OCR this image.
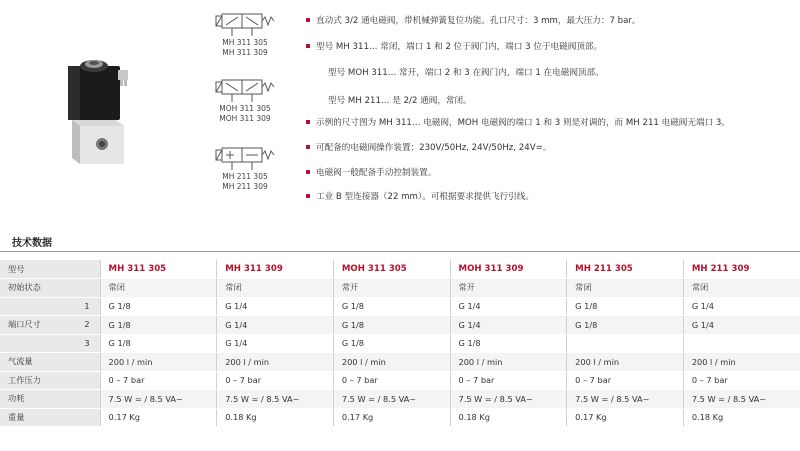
MH 311 305
MH 311 309
MOH 311 305
MOH 311 309
MH 211 305
MH 211 309
直动式 3/2 通电磁阀，带机械弹簧复位功能。孔口尺寸：3 mm，最大压力：7 bar。
型号 MH 311… 常闭，端口 1 和 2 位于阀门内，端口 3 位于电磁阀顶部。
型号 MOH 311… 常开，端口 2 和 3 在阀门内，端口 1 在电磁阀顶部。
型号 MH 211… 是 2/2 通阀，常闭。
示例的尺寸图为 MH 311… 电磁阀，MOH 电磁阀的端口 1 和 3 则是对调的，而 MH 211 电磁阀无端口 3。
可配备的电磁阀操作装置：230V/50Hz, 24V/50Hz, 24V=。
电磁阀一般配备手动控制装置。
工业 B 型连接器（22 mm）。可根据要求提供飞行引线。
技术数据
型号	MH 311 305	MH 311 309	MOH 311 305	MOH 311 309	MH 211 305	MH 211 309
初始状态	常闭	常闭	常开	常开	常闭	常闭
1	G 1/8	G 1/4	G 1/8	G 1/4	G 1/8	G 1/4

端口尺寸 2	G 1/8	G 1/4	G 1/8	G 1/4	G 1/8	G 1/4
3	G 1/8	G 1/4	G 1/8	G 1/8		
气流量	200 l / min	200 l / min	200 l / min	200 l / min	200 l / min	200 l / min
工作压力	0 – 7 bar	0 – 7 bar	0 – 7 bar	0 – 7 bar	0 – 7 bar	0 – 7 bar
功耗	7.5 W = / 8.5 VA~	7.5 W = / 8.5 VA~	7.5 W = / 8.5 VA~	7.5 W = / 8.5 VA~	7.5 W = / 8.5 VA~	7.5 W = / 8.5 VA~
重量	0.17 Kg	0.18 Kg	0.17 Kg	0.18 Kg	0.17 Kg	0.18 Kg
